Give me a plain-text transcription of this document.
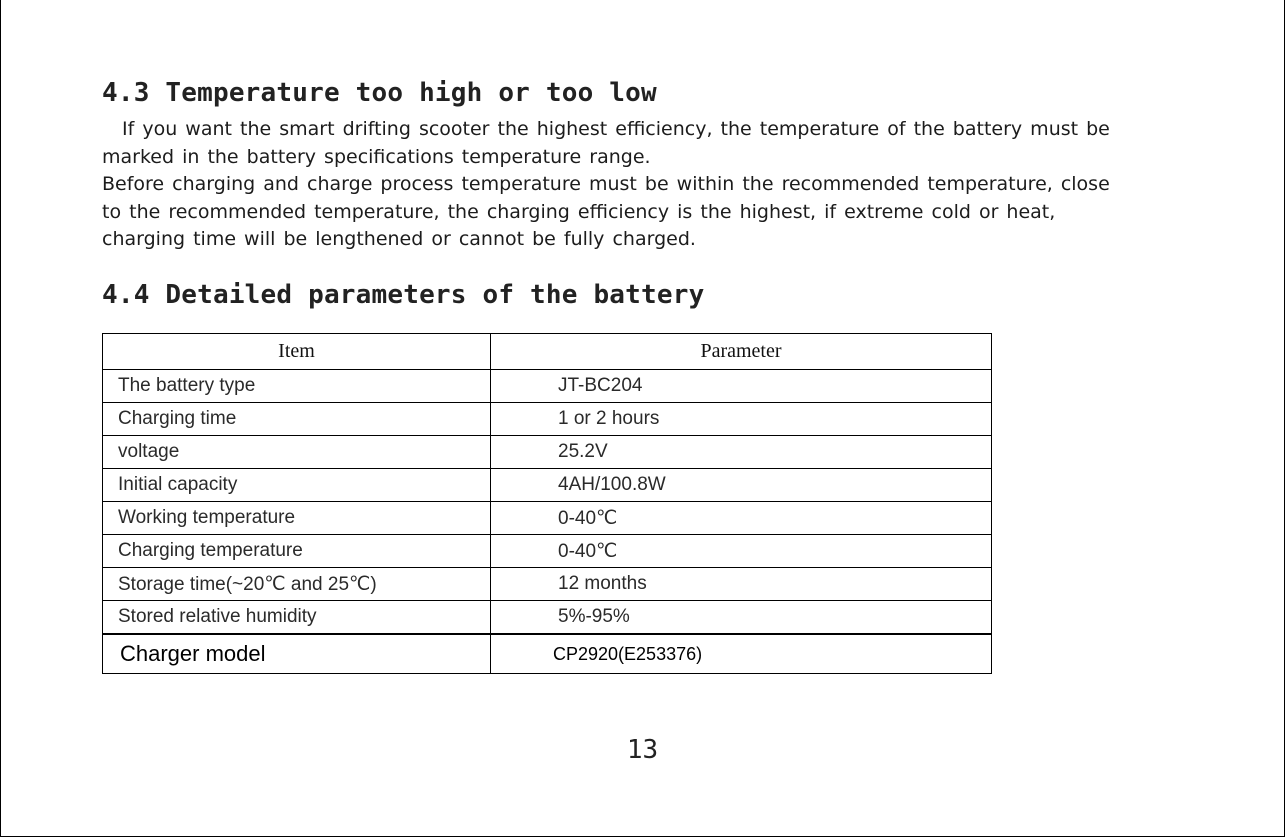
4.3 Temperature too high or too low

If you want the smart drifting scooter the highest efficiency, the temperature of the battery must be marked in the battery specifications temperature range.

Before charging and charge process temperature must be within the recommended temperature, close to the recommended temperature, the charging efficiency is the highest, if extreme cold or heat, charging time will be lengthened or cannot be fully charged.

4.4 Detailed parameters of the battery
Item	Parameter
The battery type	JT-BC204
Charging time	1 or 2 hours
voltage	25.2V
Initial capacity	4AH/100.8W
Working temperature	0-40℃
Charging temperature	0-40℃
Storage time(~20℃ and 25℃)	12 months
Stored relative humidity	5%-95%
Charger model	CP2920(E253376)
13
